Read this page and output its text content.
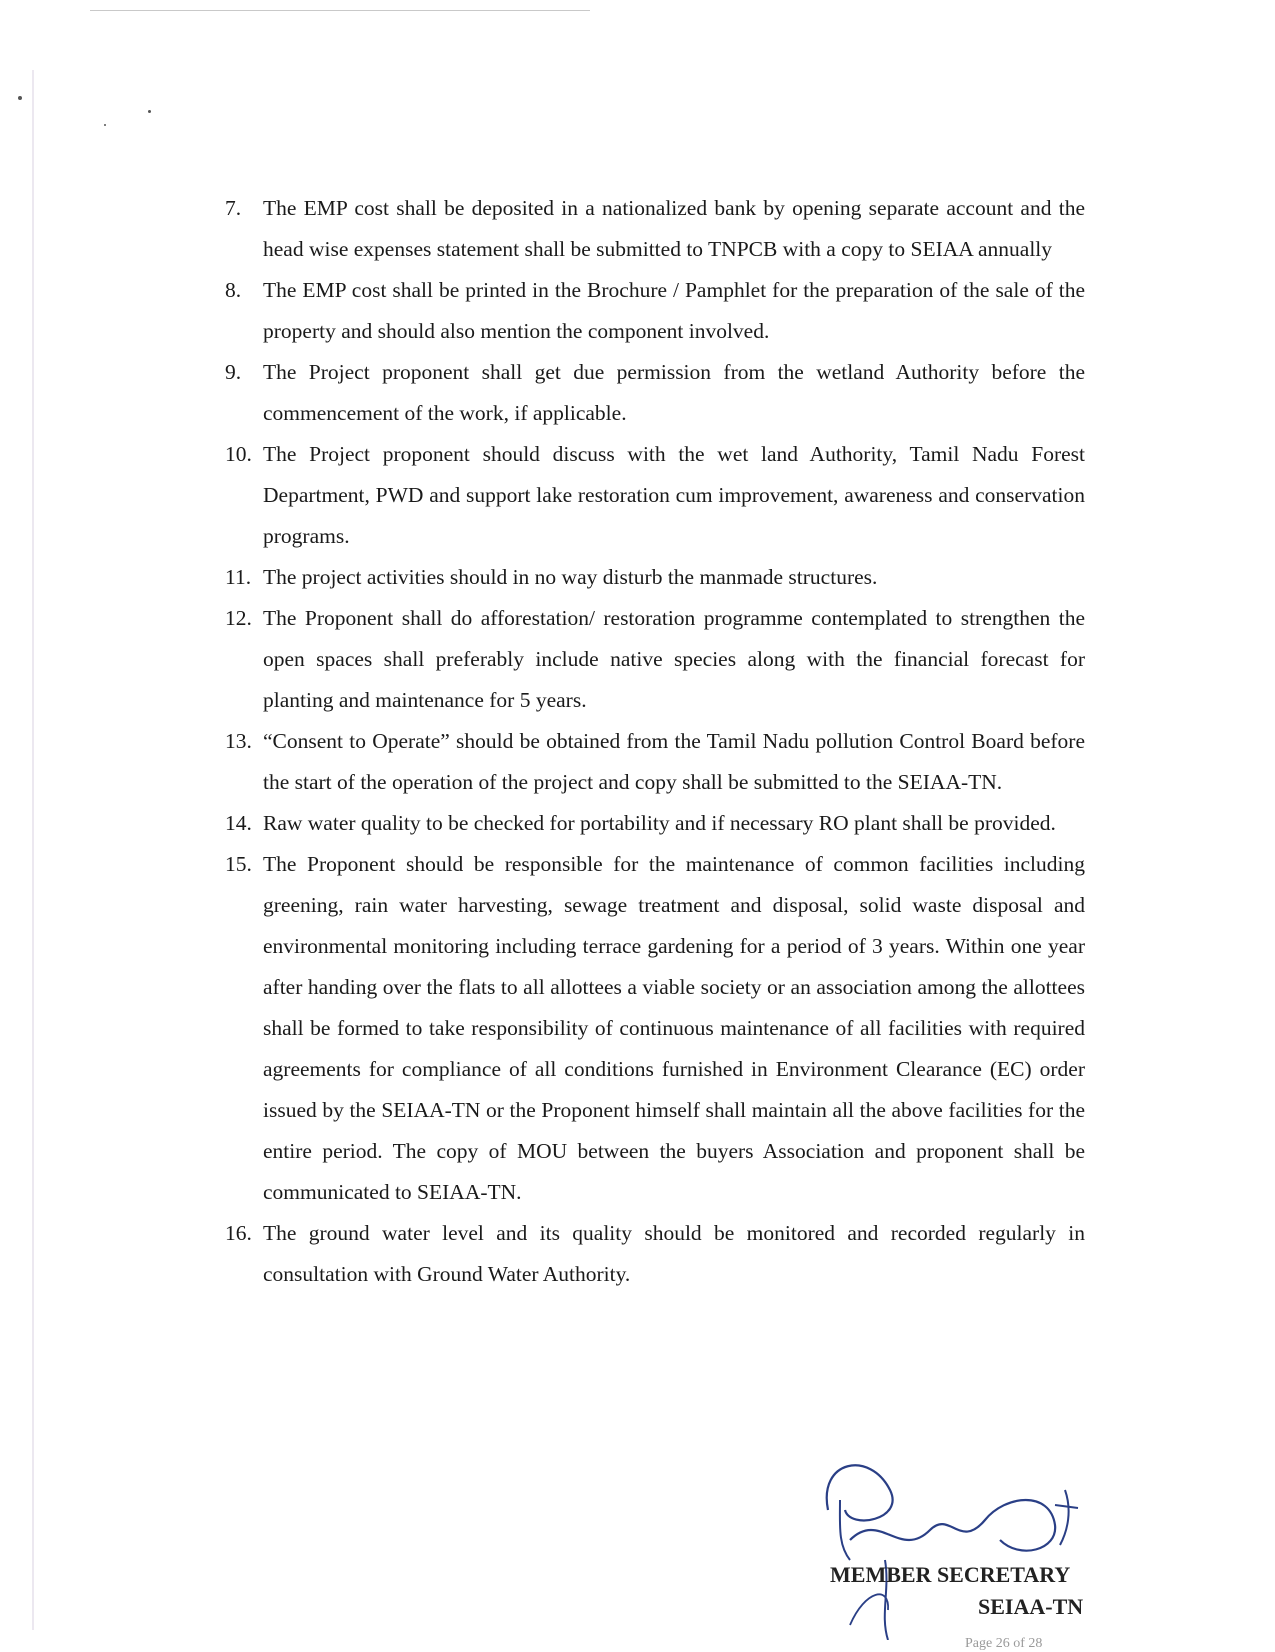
7. The EMP cost shall be deposited in a nationalized bank by opening separate account and the head wise expenses statement shall be submitted to TNPCB with a copy to SEIAA annually
8. The EMP cost shall be printed in the Brochure / Pamphlet for the preparation of the sale of the property and should also mention the component involved.
9. The Project proponent shall get due permission from the wetland Authority before the commencement of the work, if applicable.
10. The Project proponent should discuss with the wet land Authority, Tamil Nadu Forest Department, PWD and support lake restoration cum improvement, awareness and conservation programs.
11. The project activities should in no way disturb the manmade structures.
12. The Proponent shall do afforestation/ restoration programme contemplated to strengthen the open spaces shall preferably include native species along with the financial forecast for planting and maintenance for 5 years.
13. “Consent to Operate” should be obtained from the Tamil Nadu pollution Control Board before the start of the operation of the project and copy shall be submitted to the SEIAA-TN.
14. Raw water quality to be checked for portability and if necessary RO plant shall be provided.
15. The Proponent should be responsible for the maintenance of common facilities including greening, rain water harvesting, sewage treatment and disposal, solid waste disposal and environmental monitoring including terrace gardening for a period of 3 years. Within one year after handing over the flats to all allottees a viable society or an association among the allottees shall be formed to take responsibility of continuous maintenance of all facilities with required agreements for compliance of all conditions furnished in Environment Clearance (EC) order issued by the SEIAA-TN or the Proponent himself shall maintain all the above facilities for the entire period. The copy of MOU between the buyers Association and proponent shall be communicated to SEIAA-TN.
16. The ground water level and its quality should be monitored and recorded regularly in consultation with Ground Water Authority.
MEMBER SECRETARY
SEIAA-TN
Page 26 of 28
